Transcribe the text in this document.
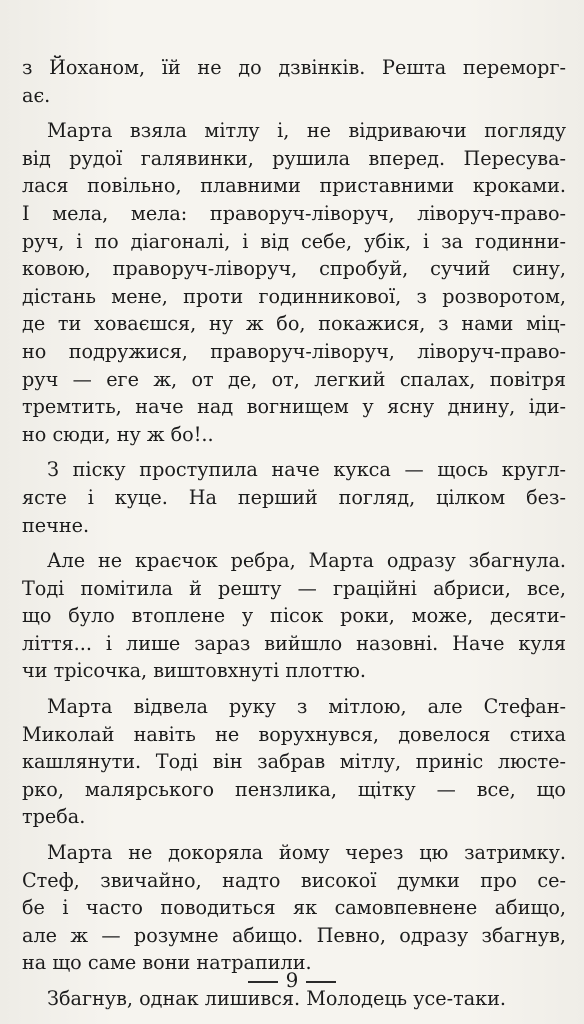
з Йоханом, їй не до дзвінків. Решта переморг-
ає.
Марта взяла мітлу і, не відриваючи погляду
від рудої галявинки, рушила вперед. Пересува-
лася повільно, плавними приставними кроками.
І мела, мела: праворуч-ліворуч, ліворуч-право-
руч, і по діагоналі, і від себе, убік, і за годинни-
ковою, праворуч-ліворуч, спробуй, сучий сину,
дістань мене, проти годинникової, з розворотом,
де ти ховаєшся, ну ж бо, покажися, з нами міц-
но подружися, праворуч-ліворуч, ліворуч-право-
руч — еге ж, от де, от, легкий спалах, повітря
тремтить, наче над вогнищем у ясну днину, іди-
но сюди, ну ж бо!..
З піску проступила наче кукса — щось кругл-
ясте і куце. На перший погляд, цілком без-
печне.
Але не краєчок ребра, Марта одразу збагнула.
Тоді помітила й решту — граційні абриси, все,
що було втоплене у пісок роки, може, десяти-
ліття... і лише зараз вийшло назовні. Наче куля
чи трісочка, виштовхнуті плоттю.
Марта відвела руку з мітлою, але Стефан-
Миколай навіть не ворухнувся, довелося стиха
кашлянути. Тоді він забрав мітлу, приніс люсте-
рко, малярського пензлика, щітку — все, що
треба.
Марта не докоряла йому через цю затримку.
Стеф, звичайно, надто високої думки про се-
бе і часто поводиться як самовпевнене абищо,
але ж — розумне абищо. Певно, одразу збагнув,
на що саме вони натрапили.
Збагнув, однак лишився. Молодець усе-таки.
9
